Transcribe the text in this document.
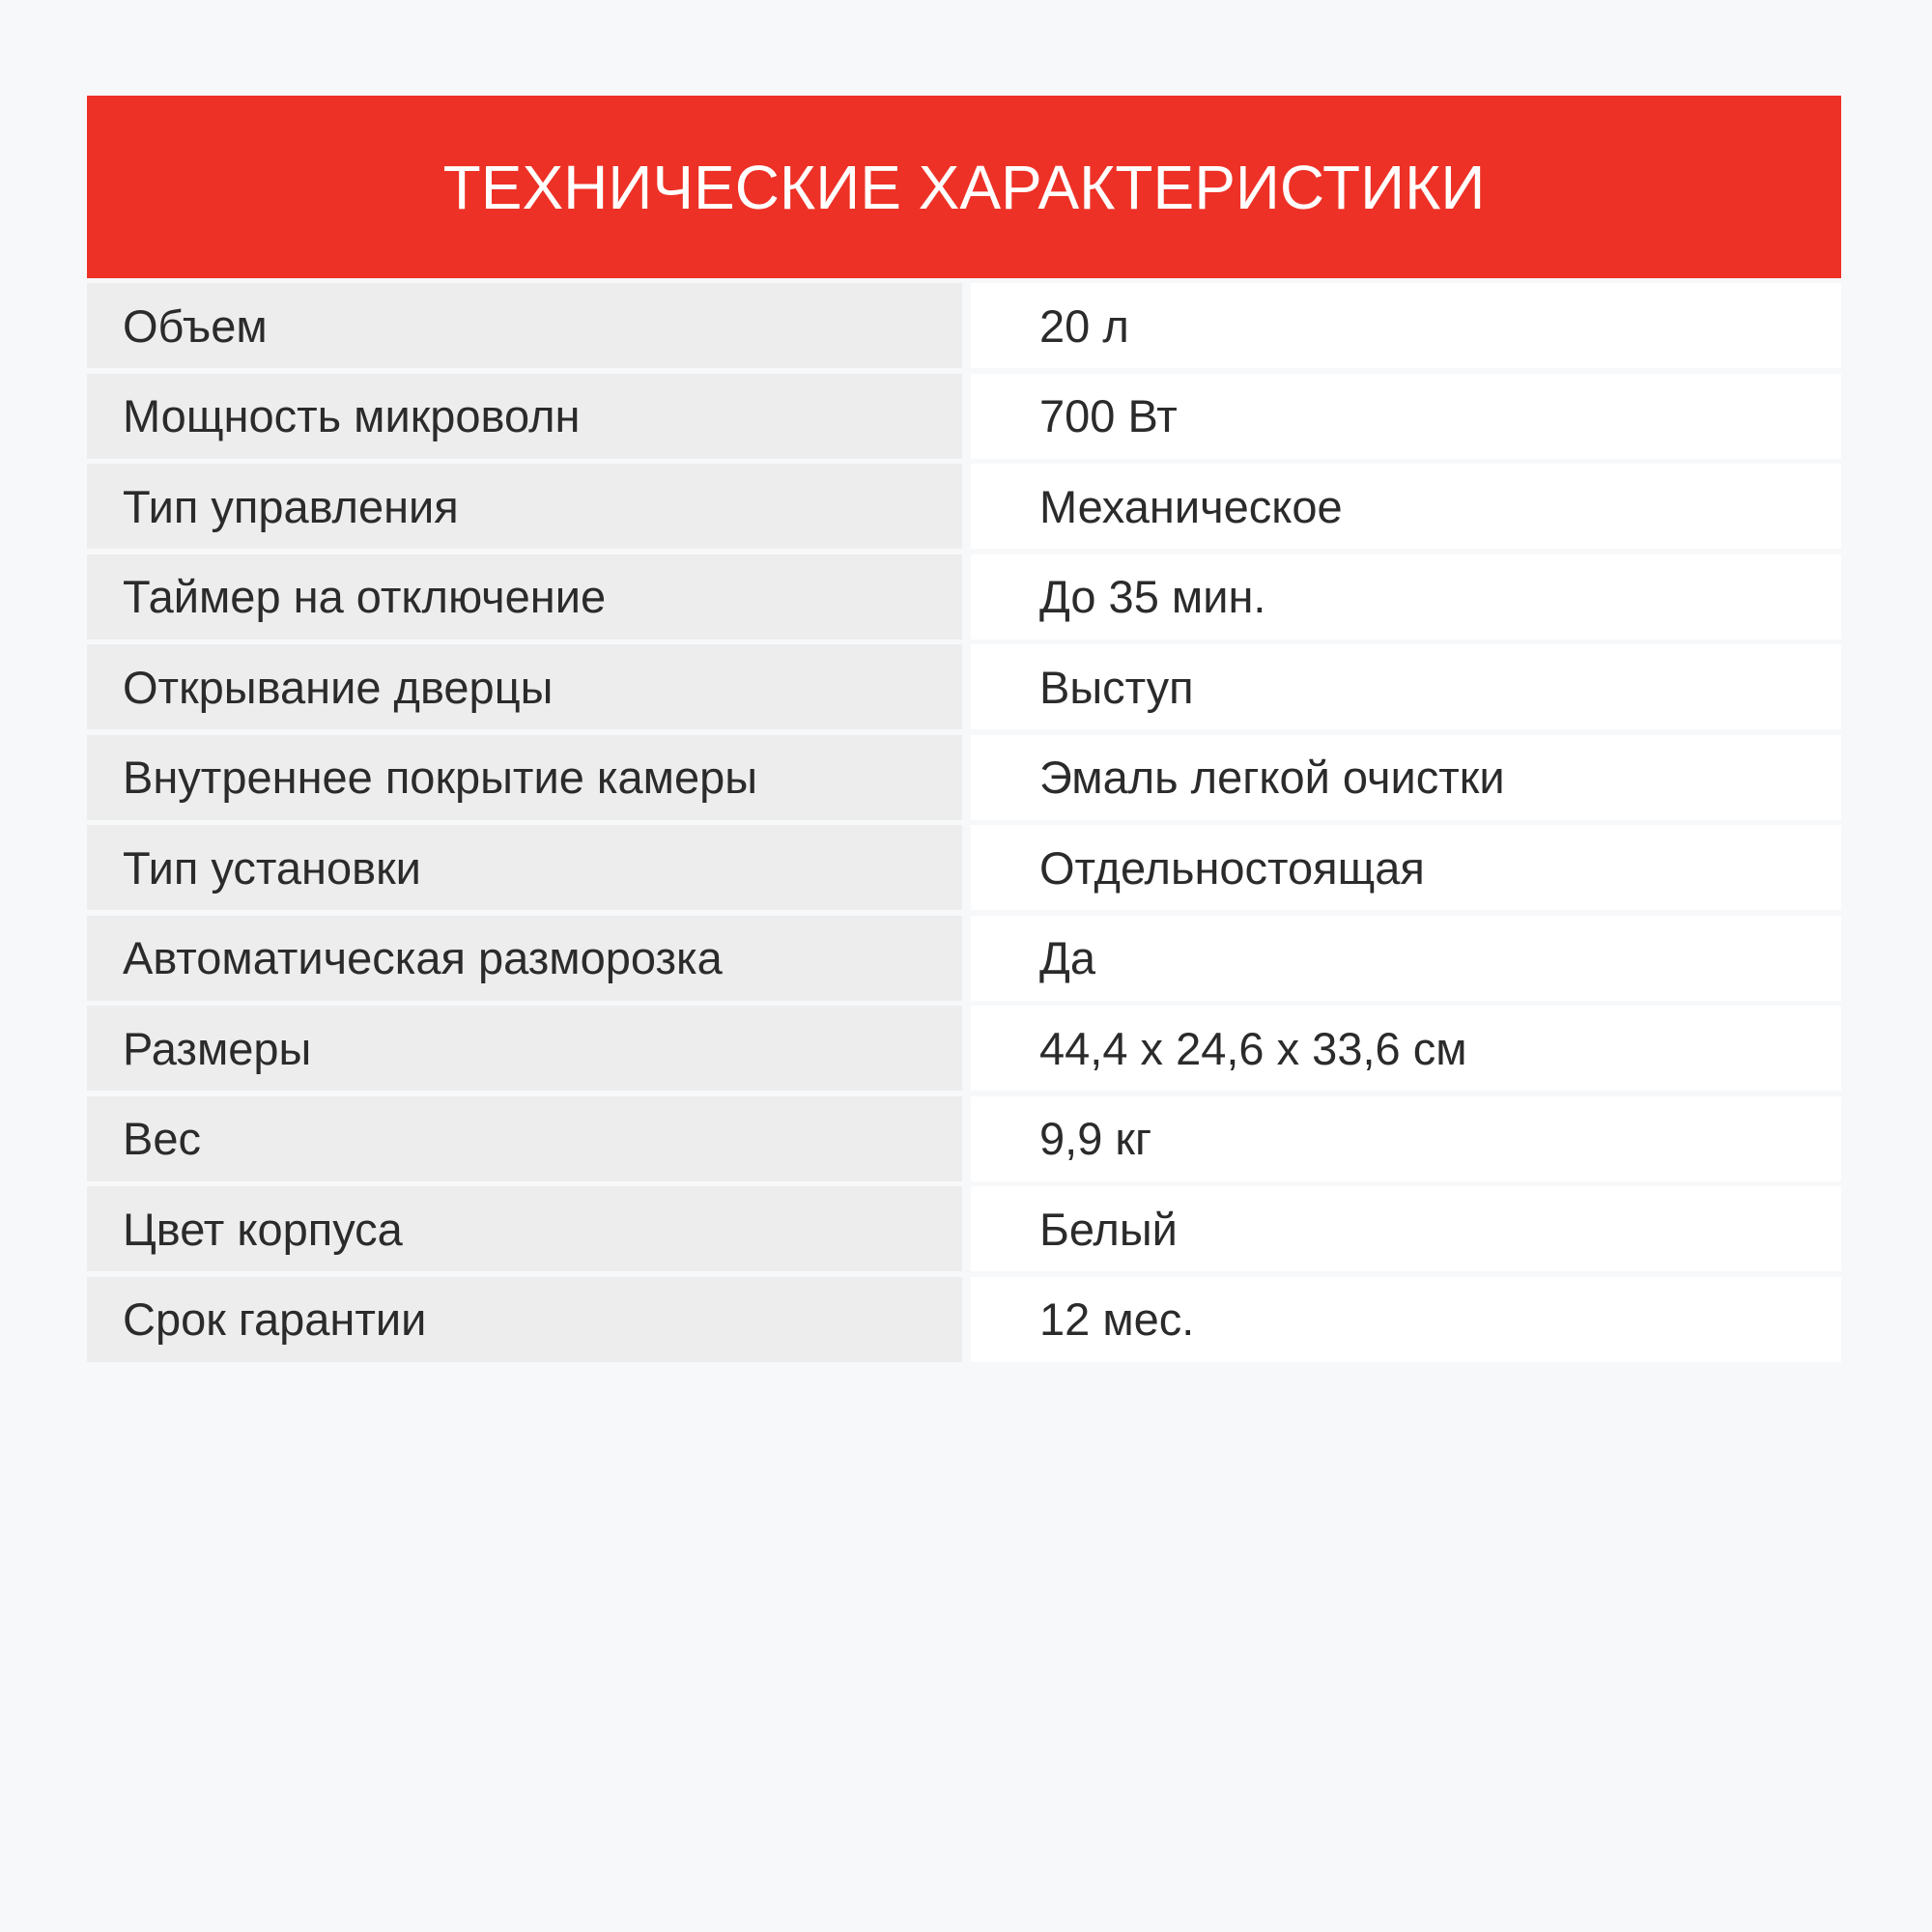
ТЕХНИЧЕСКИЕ ХАРАКТЕРИСТИКИ
Объем	20 л
Мощность микроволн	700 Вт
Тип управления	Механическое
Таймер на отключение	До 35 мин.
Открывание дверцы	Выступ
Внутреннее покрытие камеры	Эмаль легкой очистки
Тип установки	Отдельностоящая
Автоматическая разморозка	Да
Размеры	44,4 x 24,6 x 33,6 см
Вес	9,9 кг
Цвет корпуса	Белый
Срок гарантии	12 мес.
